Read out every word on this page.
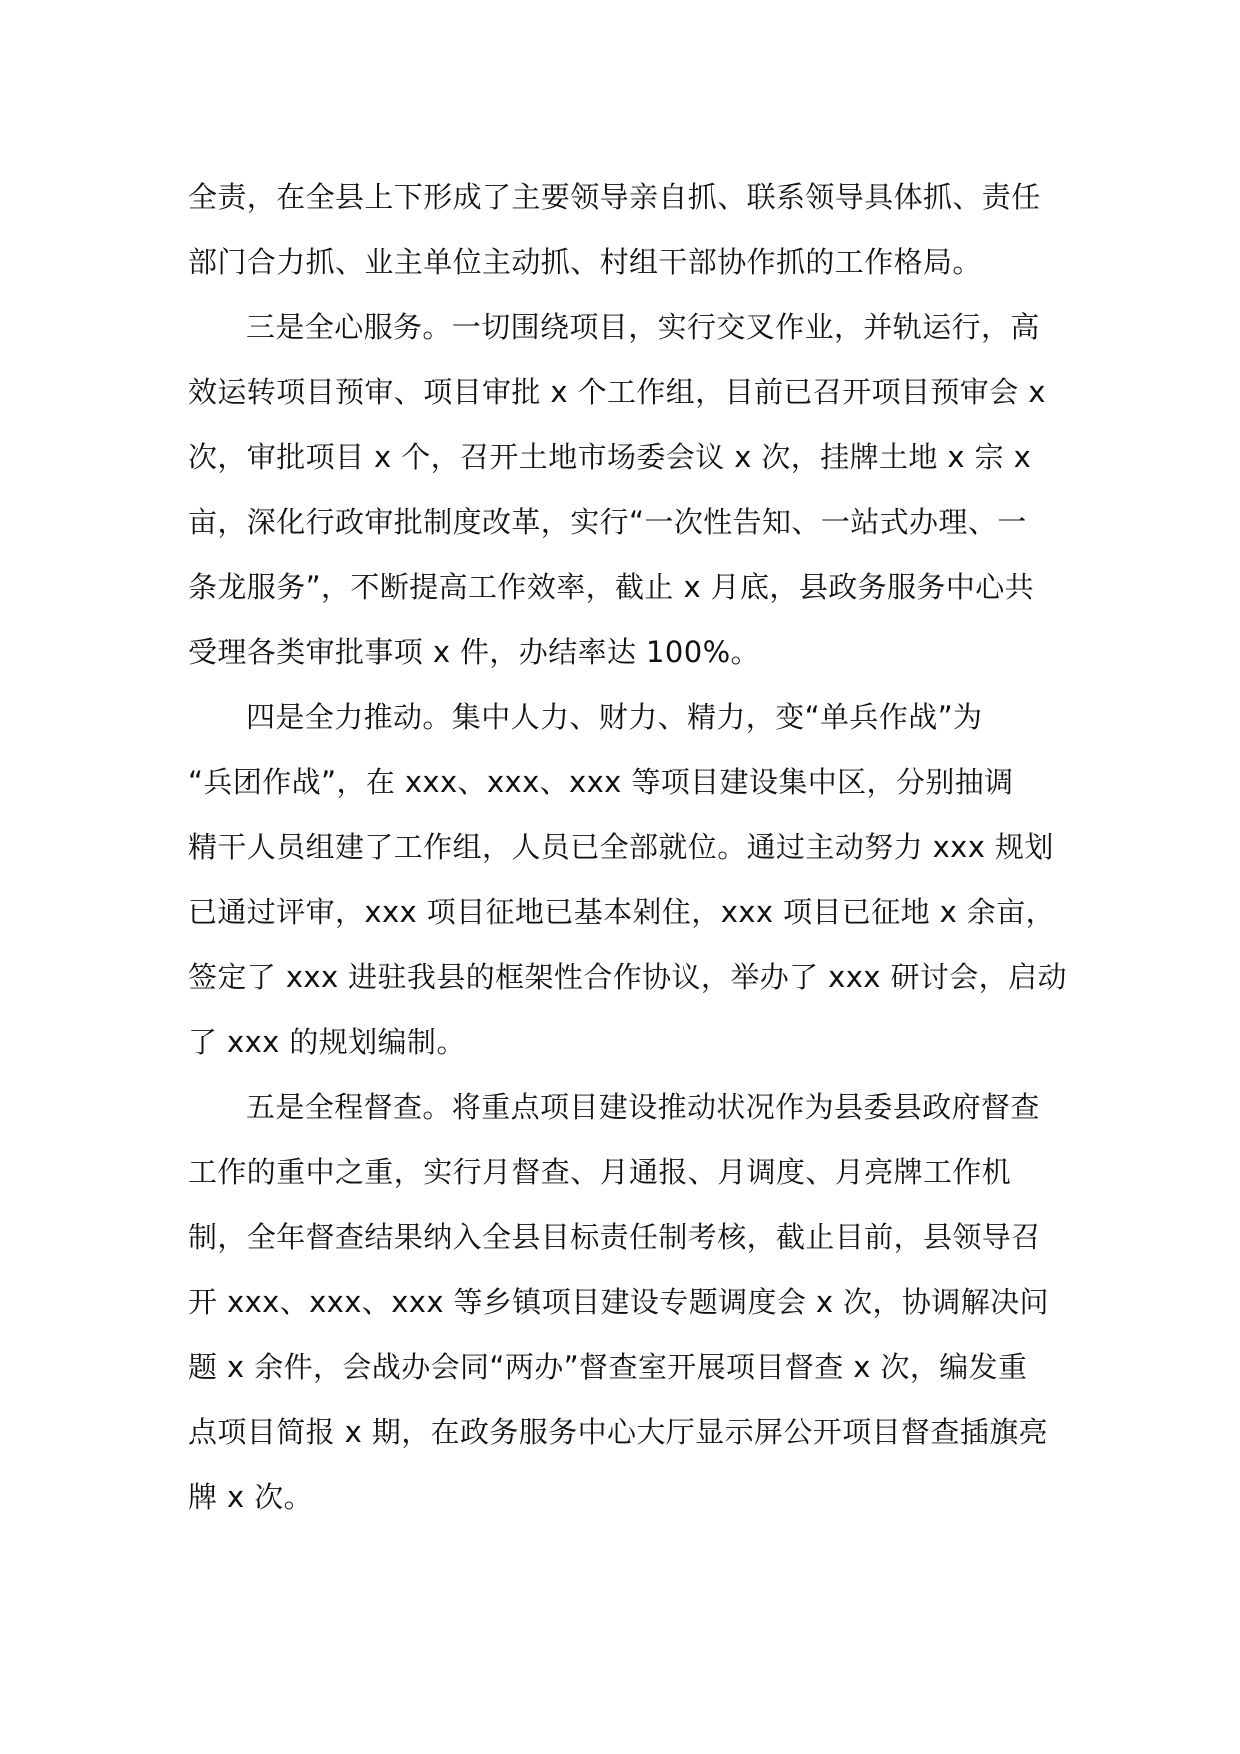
全责，在全县上下形成了主要领导亲自抓、联系领导具体抓、责任
部门合力抓、业主单位主动抓、村组干部协作抓的工作格局。
三是全心服务。一切围绕项目，实行交叉作业，并轨运行，高
效运转项目预审、项目审批 x 个工作组，目前已召开项目预审会 x
次，审批项目 x 个，召开土地市场委会议 x 次，挂牌土地 x 宗 x
亩，深化行政审批制度改革，实行“一次性告知、一站式办理、一
条龙服务”，不断提高工作效率，截止 x 月底，县政务服务中心共
受理各类审批事项 x 件，办结率达 100%。
四是全力推动。集中人力、财力、精力，变“单兵作战”为
“兵团作战”，在 xxx、xxx、xxx 等项目建设集中区，分别抽调
精干人员组建了工作组，人员已全部就位。通过主动努力 xxx 规划
已通过评审，xxx 项目征地已基本剁住，xxx 项目已征地 x 余亩，
签定了 xxx 进驻我县的框架性合作协议，举办了 xxx 研讨会，启动
了 xxx 的规划编制。
五是全程督查。将重点项目建设推动状况作为县委县政府督查
工作的重中之重，实行月督查、月通报、月调度、月亮牌工作机
制，全年督查结果纳入全县目标责任制考核，截止目前，县领导召
开 xxx、xxx、xxx 等乡镇项目建设专题调度会 x 次，协调解决问
题 x 余件，会战办会同“两办”督查室开展项目督查 x 次，编发重
点项目简报 x 期，在政务服务中心大厅显示屏公开项目督查插旗亮
牌 x 次。
